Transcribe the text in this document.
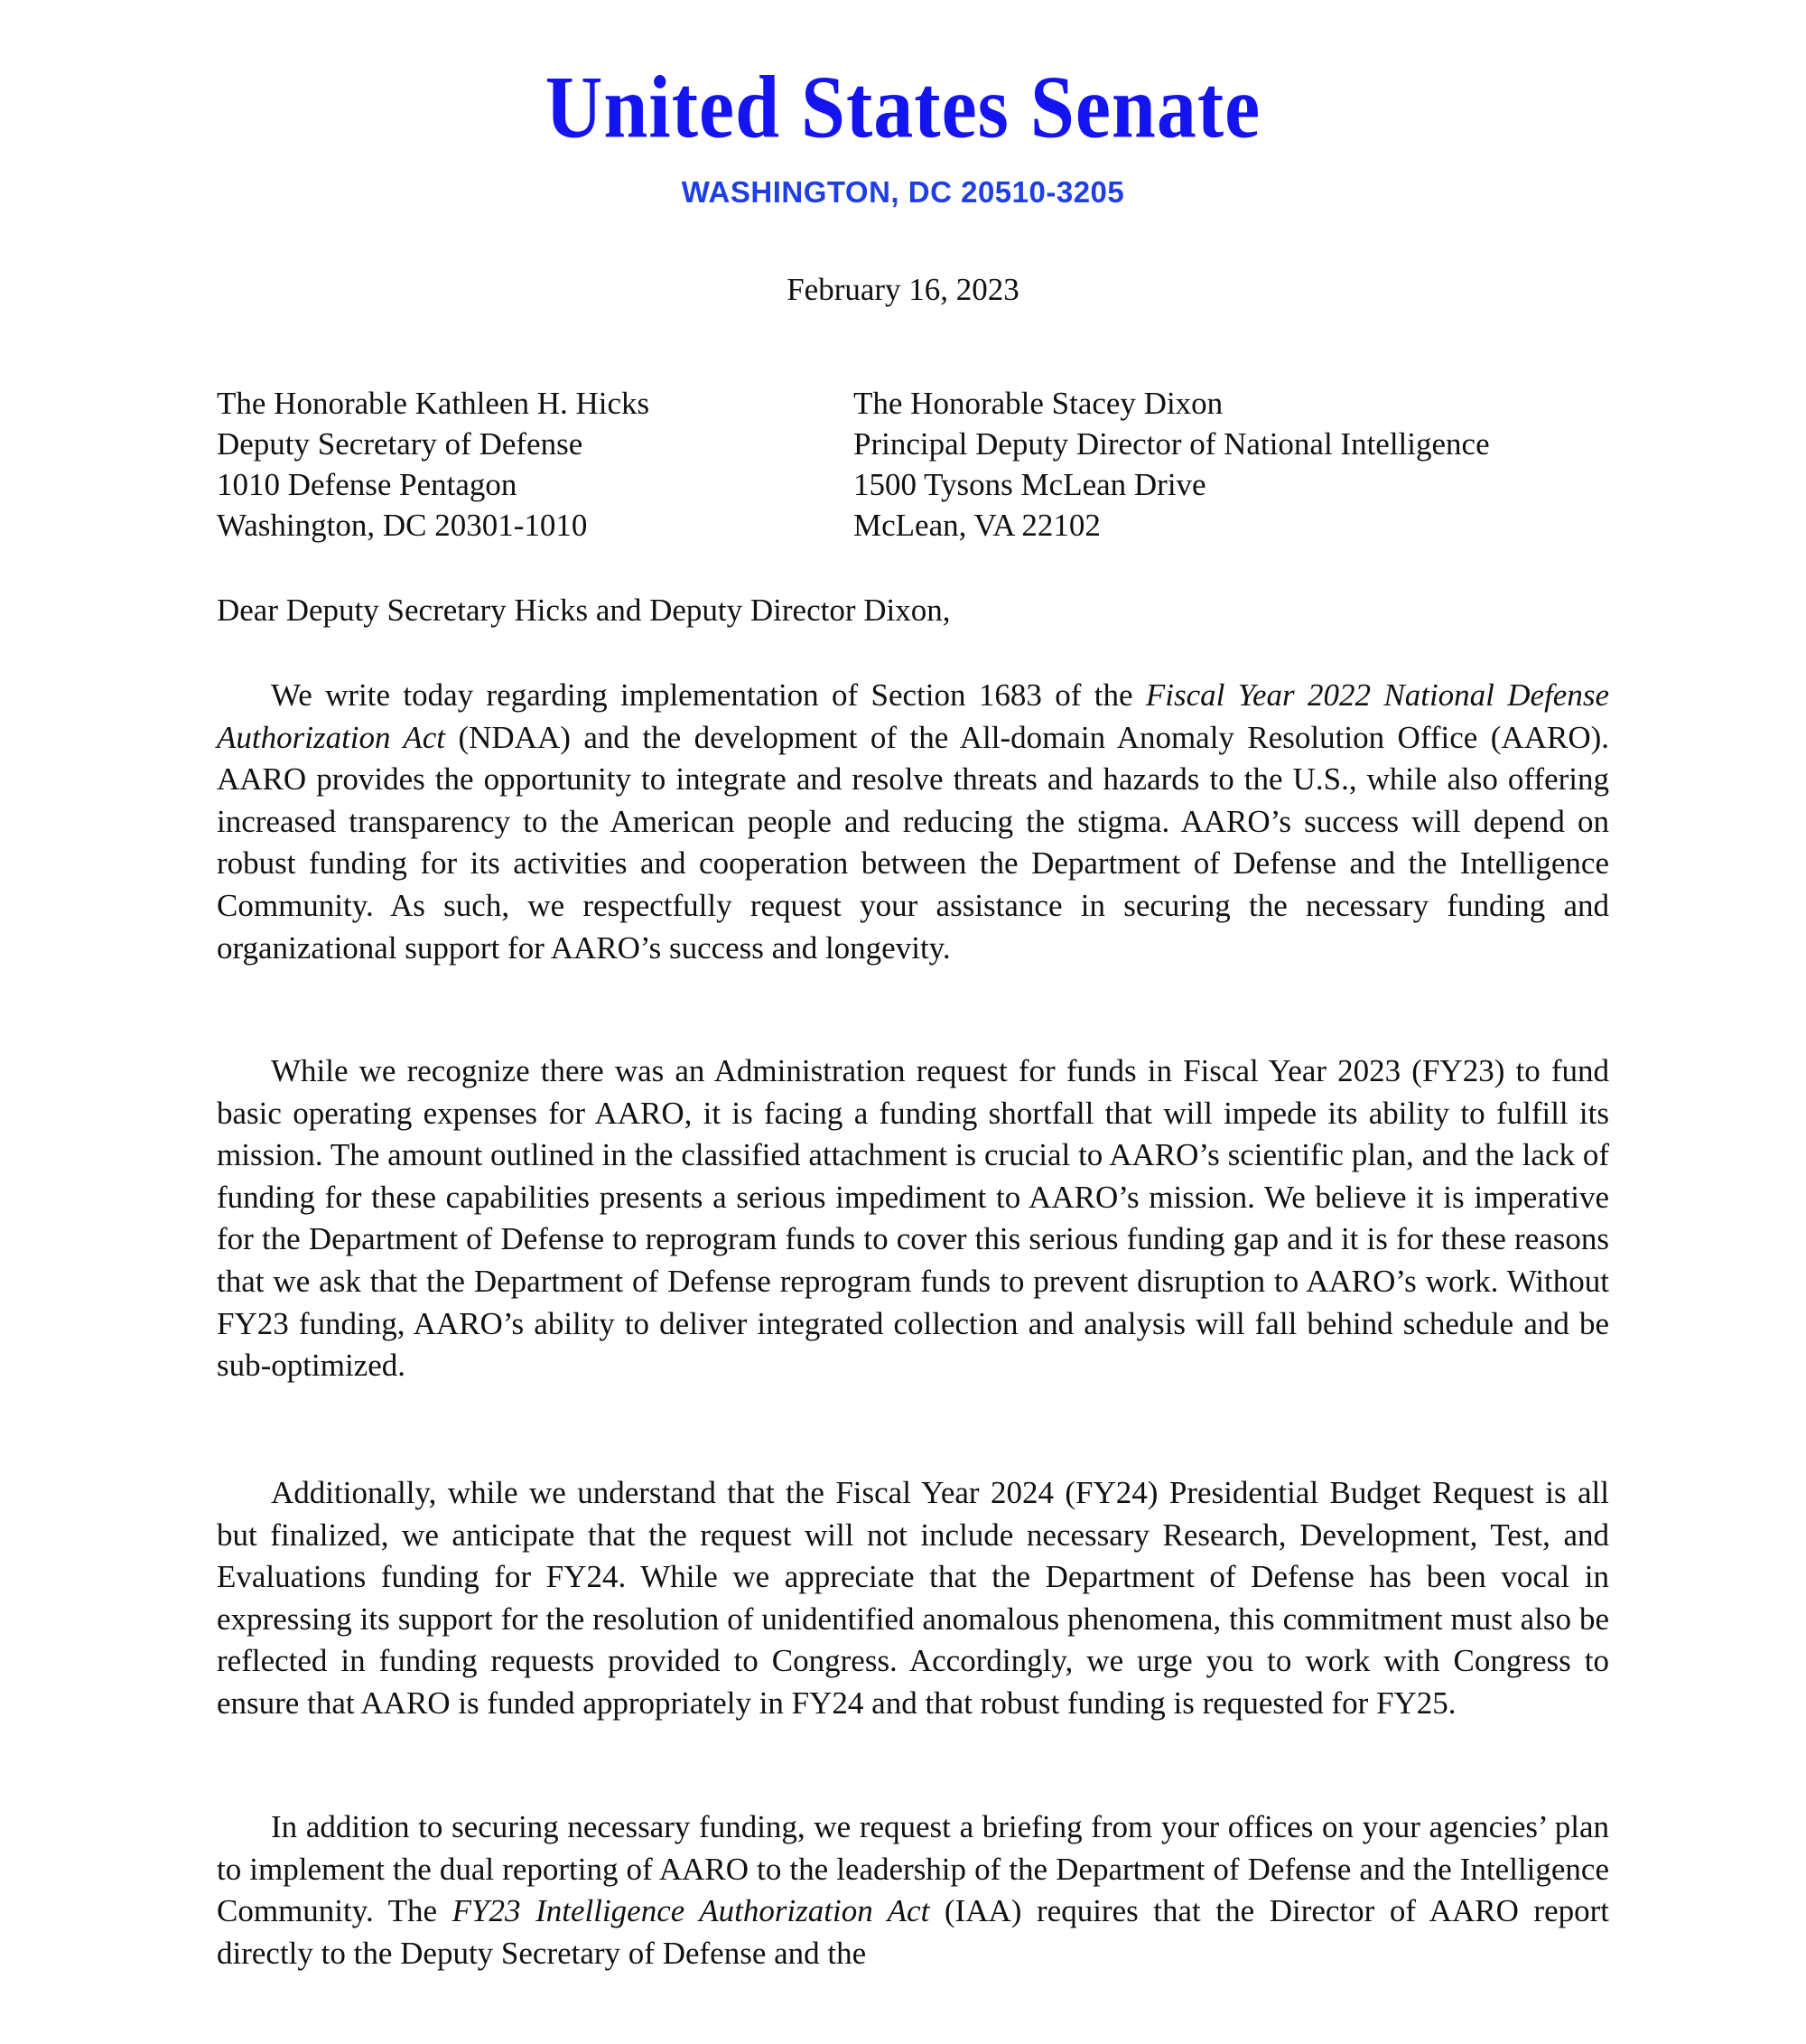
United States Senate
WASHINGTON, DC 20510-3205
February 16, 2023
The Honorable Kathleen H. Hicks
Deputy Secretary of Defense
1010 Defense Pentagon
Washington, DC 20301-1010
The Honorable Stacey Dixon
Principal Deputy Director of National Intelligence
1500 Tysons McLean Drive
McLean, VA 22102
Dear Deputy Secretary Hicks and Deputy Director Dixon,

We write today regarding implementation of Section 1683 of the Fiscal Year 2022 National Defense Authorization Act (NDAA) and the development of the All-domain Anomaly Resolution Office (AARO). AARO provides the opportunity to integrate and resolve threats and hazards to the U.S., while also offering increased transparency to the American people and reducing the stigma. AARO’s success will depend on robust funding for its activities and cooperation between the Department of Defense and the Intelligence Community. As such, we respectfully request your assistance in securing the necessary funding and organizational support for AARO’s success and longevity.

While we recognize there was an Administration request for funds in Fiscal Year 2023 (FY23) to fund basic operating expenses for AARO, it is facing a funding shortfall that will impede its ability to fulfill its mission. The amount outlined in the classified attachment is crucial to AARO’s scientific plan, and the lack of funding for these capabilities presents a serious impediment to AARO’s mission. We believe it is imperative for the Department of Defense to reprogram funds to cover this serious funding gap and it is for these reasons that we ask that the Department of Defense reprogram funds to prevent disruption to AARO’s work. Without FY23 funding, AARO’s ability to deliver integrated collection and analysis will fall behind schedule and be sub-optimized.

Additionally, while we understand that the Fiscal Year 2024 (FY24) Presidential Budget Request is all but finalized, we anticipate that the request will not include necessary Research, Development, Test, and Evaluations funding for FY24. While we appreciate that the Department of Defense has been vocal in expressing its support for the resolution of unidentified anomalous phenomena, this commitment must also be reflected in funding requests provided to Congress. Accordingly, we urge you to work with Congress to ensure that AARO is funded appropriately in FY24 and that robust funding is requested for FY25.

In addition to securing necessary funding, we request a briefing from your offices on your agencies’ plan to implement the dual reporting of AARO to the leadership of the Department of Defense and the Intelligence Community. The FY23 Intelligence Authorization Act (IAA) requires that the Director of AARO report directly to the Deputy Secretary of Defense and the
